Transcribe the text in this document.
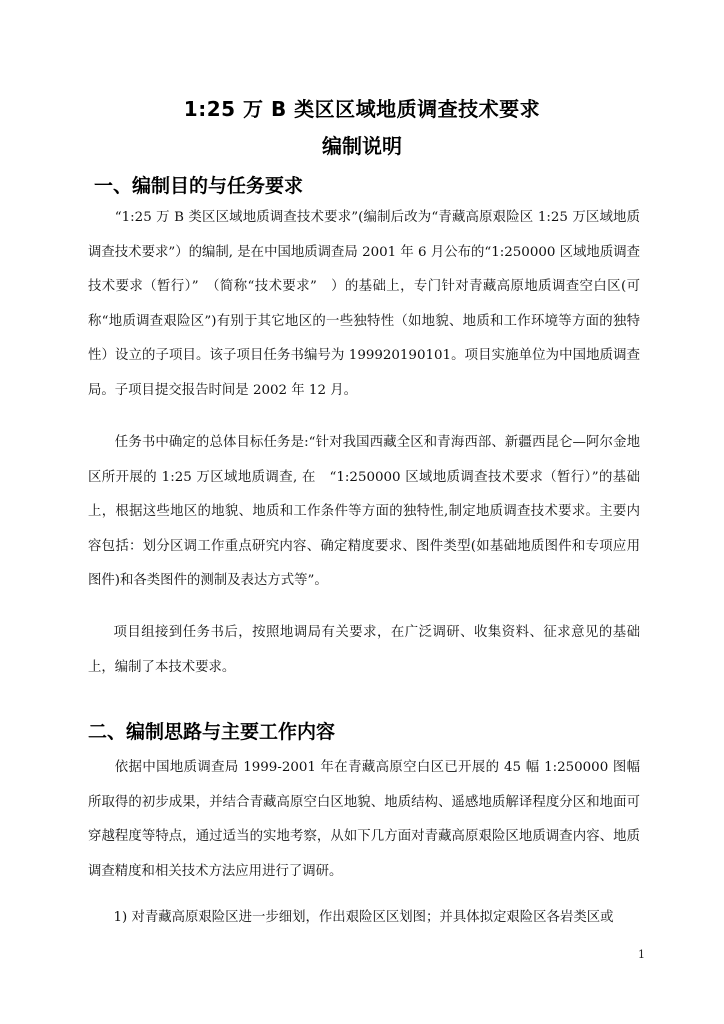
1:25 万 B 类区区域地质调查技术要求
编制说明
一、编制目的与任务要求

“1:25 万 B 类区区域地质调查技术要求”(编制后改为“青藏高原艰险区 1:25 万区域地质调查技术要求”）的编制, 是在中国地质调查局 2001 年 6 月公布的“1:250000 区域地质调查技术要求（暂行）”　（简称“技术要求”　）的基础上，专门针对青藏高原地质调查空白区(可称“地质调查艰险区”)有别于其它地区的一些独特性（如地貌、地质和工作环境等方面的独特性）设立的子项目。该子项目任务书编号为 199920190101。项目实施单位为中国地质调查局。子项目提交报告时间是 2002 年 12 月。

任务书中确定的总体目标任务是:“针对我国西藏全区和青海西部、新疆西昆仑—阿尔金地区所开展的 1:25 万区域地质调查, 在　“1:250000 区域地质调查技术要求（暂行）”的基础上，根据这些地区的地貌、地质和工作条件等方面的独特性,制定地质调查技术要求。主要内容包括：划分区调工作重点研究内容、确定精度要求、图件类型(如基础地质图件和专项应用图件)和各类图件的测制及表达方式等”。

项目组接到任务书后，按照地调局有关要求，在广泛调研、收集资料、征求意见的基础上，编制了本技术要求。

二、编制思路与主要工作内容

依据中国地质调查局 1999-2001 年在青藏高原空白区已开展的 45 幅 1:250000 图幅所取得的初步成果，并结合青藏高原空白区地貌、地质结构、遥感地质解译程度分区和地面可穿越程度等特点，通过适当的实地考察，从如下几方面对青藏高原艰险区地质调查内容、地质调查精度和相关技术方法应用进行了调研。

1) 对青藏高原艰险区进一步细划，作出艰险区区划图；并具体拟定艰险区各岩类区或

1
